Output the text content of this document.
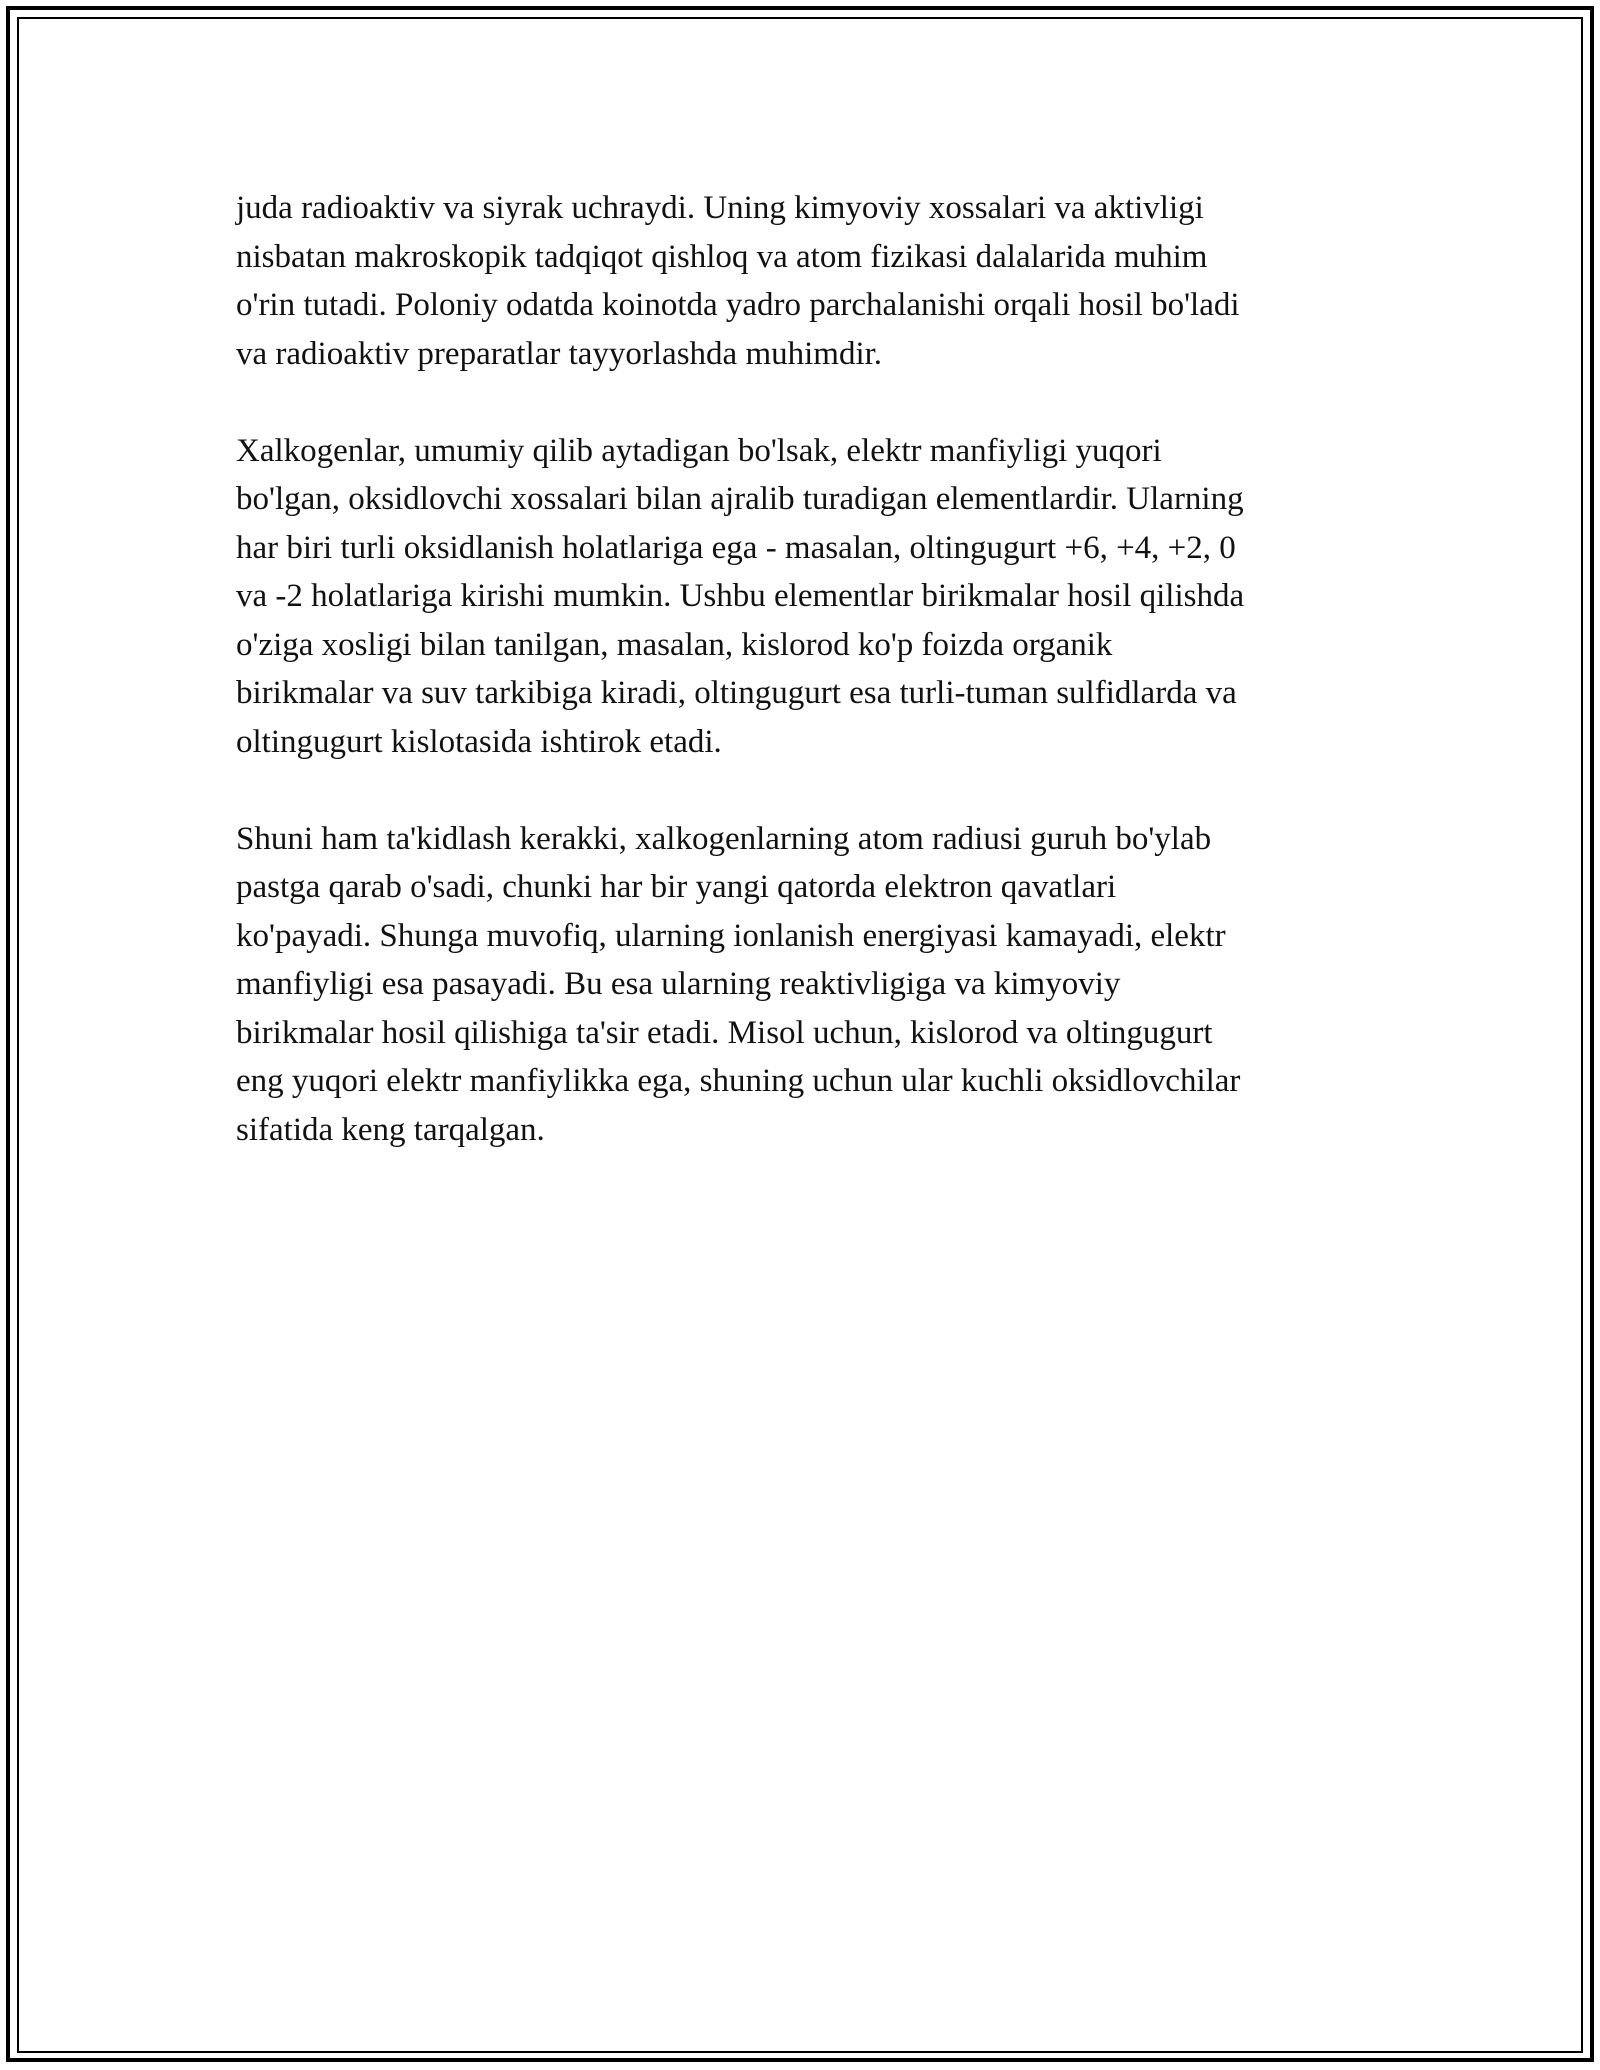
juda radioaktiv va siyrak uchraydi. Uning kimyoviy xossalari va aktivligi
nisbatan makroskopik tadqiqot qishloq va atom fizikasi dalalarida muhim
o'rin tutadi. Poloniy odatda koinotda yadro parchalanishi orqali hosil bo'ladi
va radioaktiv preparatlar tayyorlashda muhimdir.

Xalkogenlar, umumiy qilib aytadigan bo'lsak, elektr manfiyligi yuqori
bo'lgan, oksidlovchi xossalari bilan ajralib turadigan elementlardir. Ularning
har biri turli oksidlanish holatlariga ega - masalan, oltingugurt +6, +4, +2, 0
va -2 holatlariga kirishi mumkin. Ushbu elementlar birikmalar hosil qilishda
o'ziga xosligi bilan tanilgan, masalan, kislorod ko'p foizda organik
birikmalar va suv tarkibiga kiradi, oltingugurt esa turli-tuman sulfidlarda va
oltingugurt kislotasida ishtirok etadi.

Shuni ham ta'kidlash kerakki, xalkogenlarning atom radiusi guruh bo'ylab
pastga qarab o'sadi, chunki har bir yangi qatorda elektron qavatlari
ko'payadi. Shunga muvofiq, ularning ionlanish energiyasi kamayadi, elektr
manfiyligi esa pasayadi. Bu esa ularning reaktivligiga va kimyoviy
birikmalar hosil qilishiga ta'sir etadi. Misol uchun, kislorod va oltingugurt
eng yuqori elektr manfiylikka ega, shuning uchun ular kuchli oksidlovchilar
sifatida keng tarqalgan.
